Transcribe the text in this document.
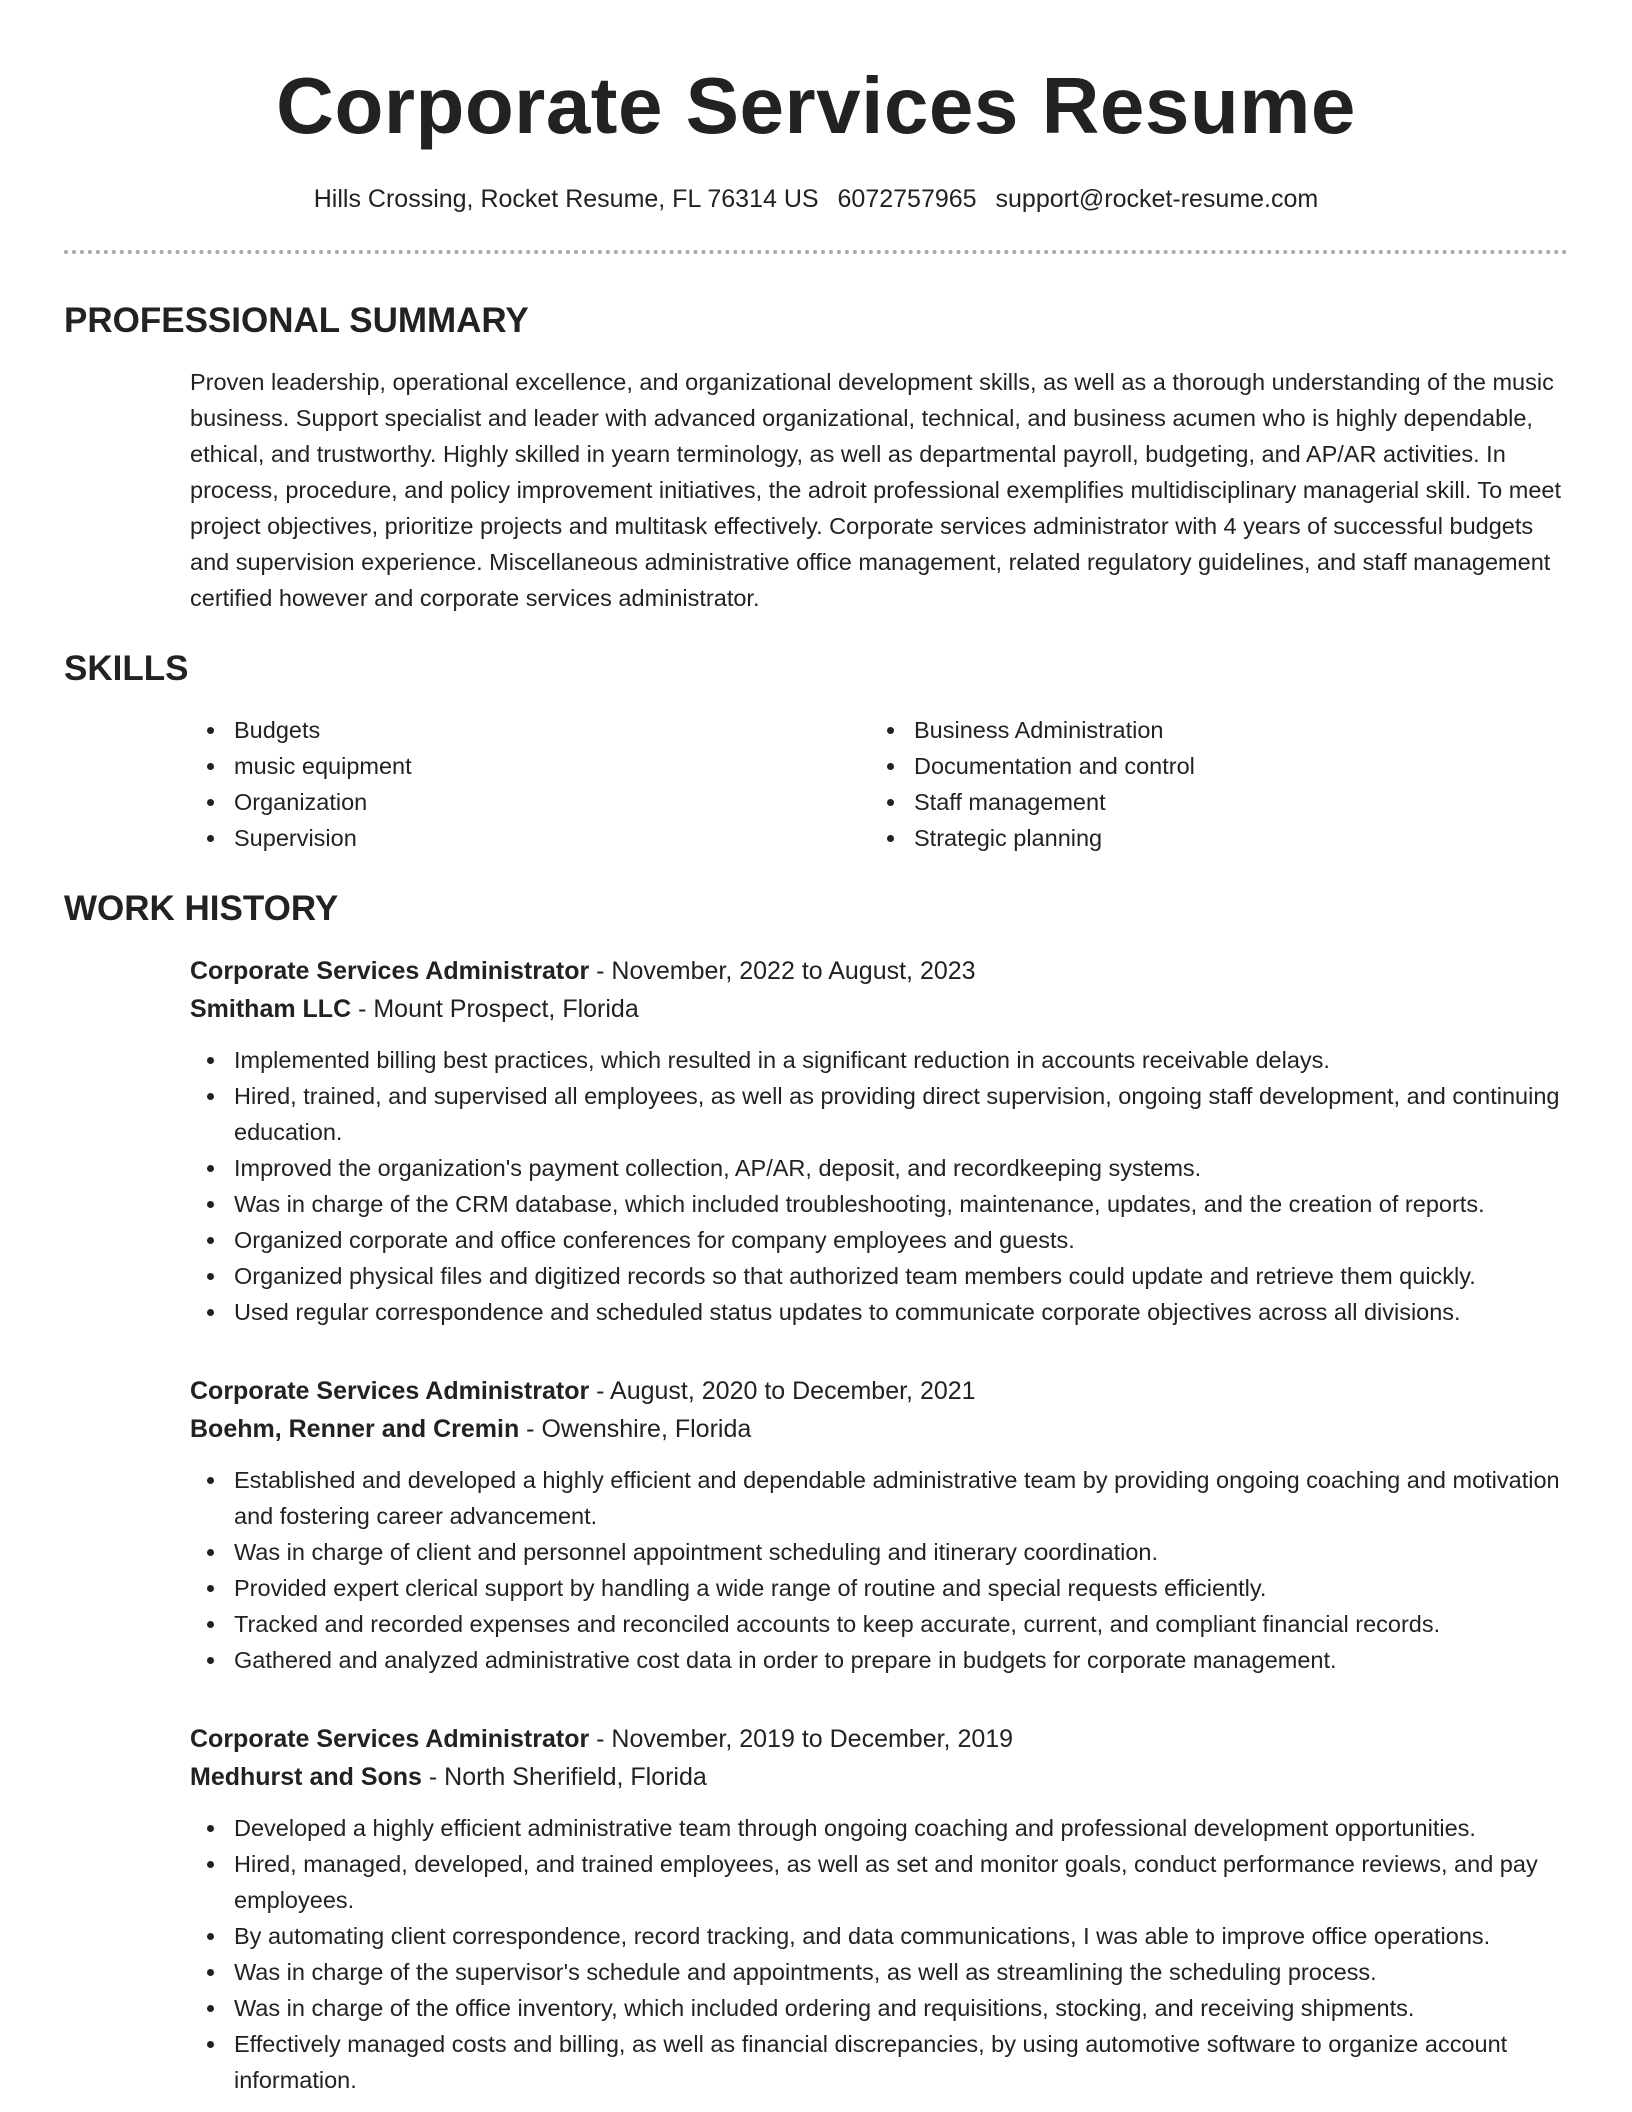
Corporate Services Resume
Hills Crossing, Rocket Resume, FL 76314 US 6072757965 support@rocket-resume.com
PROFESSIONAL SUMMARY

Proven leadership, operational excellence, and organizational development skills, as well as a thorough understanding of the music business. Support specialist and leader with advanced organizational, technical, and business acumen who is highly dependable, ethical, and trustworthy. Highly skilled in yearn terminology, as well as departmental payroll, budgeting, and AP/AR activities. In process, procedure, and policy improvement initiatives, the adroit professional exemplifies multidisciplinary managerial skill. To meet project objectives, prioritize projects and multitask effectively. Corporate services administrator with 4 years of successful budgets and supervision experience. Miscellaneous administrative office management, related regulatory guidelines, and staff management certified however and corporate services administrator.

SKILLS
Budgets
music equipment
Organization
Supervision
Business Administration
Documentation and control
Staff management
Strategic planning
WORK HISTORY
Corporate Services Administrator - November, 2022 to August, 2023
Smitham LLC - Mount Prospect, Florida
Implemented billing best practices, which resulted in a significant reduction in accounts receivable delays.
Hired, trained, and supervised all employees, as well as providing direct supervision, ongoing staff development, and continuing education.
Improved the organization's payment collection, AP/AR, deposit, and recordkeeping systems.
Was in charge of the CRM database, which included troubleshooting, maintenance, updates, and the creation of reports.
Organized corporate and office conferences for company employees and guests.
Organized physical files and digitized records so that authorized team members could update and retrieve them quickly.
Used regular correspondence and scheduled status updates to communicate corporate objectives across all divisions.
Corporate Services Administrator - August, 2020 to December, 2021
Boehm, Renner and Cremin - Owenshire, Florida
Established and developed a highly efficient and dependable administrative team by providing ongoing coaching and motivation and fostering career advancement.
Was in charge of client and personnel appointment scheduling and itinerary coordination.
Provided expert clerical support by handling a wide range of routine and special requests efficiently.
Tracked and recorded expenses and reconciled accounts to keep accurate, current, and compliant financial records.
Gathered and analyzed administrative cost data in order to prepare in budgets for corporate management.
Corporate Services Administrator - November, 2019 to December, 2019
Medhurst and Sons - North Sherifield, Florida
Developed a highly efficient administrative team through ongoing coaching and professional development opportunities.
Hired, managed, developed, and trained employees, as well as set and monitor goals, conduct performance reviews, and pay employees.
By automating client correspondence, record tracking, and data communications, I was able to improve office operations.
Was in charge of the supervisor's schedule and appointments, as well as streamlining the scheduling process.
Was in charge of the office inventory, which included ordering and requisitions, stocking, and receiving shipments.
Effectively managed costs and billing, as well as financial discrepancies, by using automotive software to organize account information.
